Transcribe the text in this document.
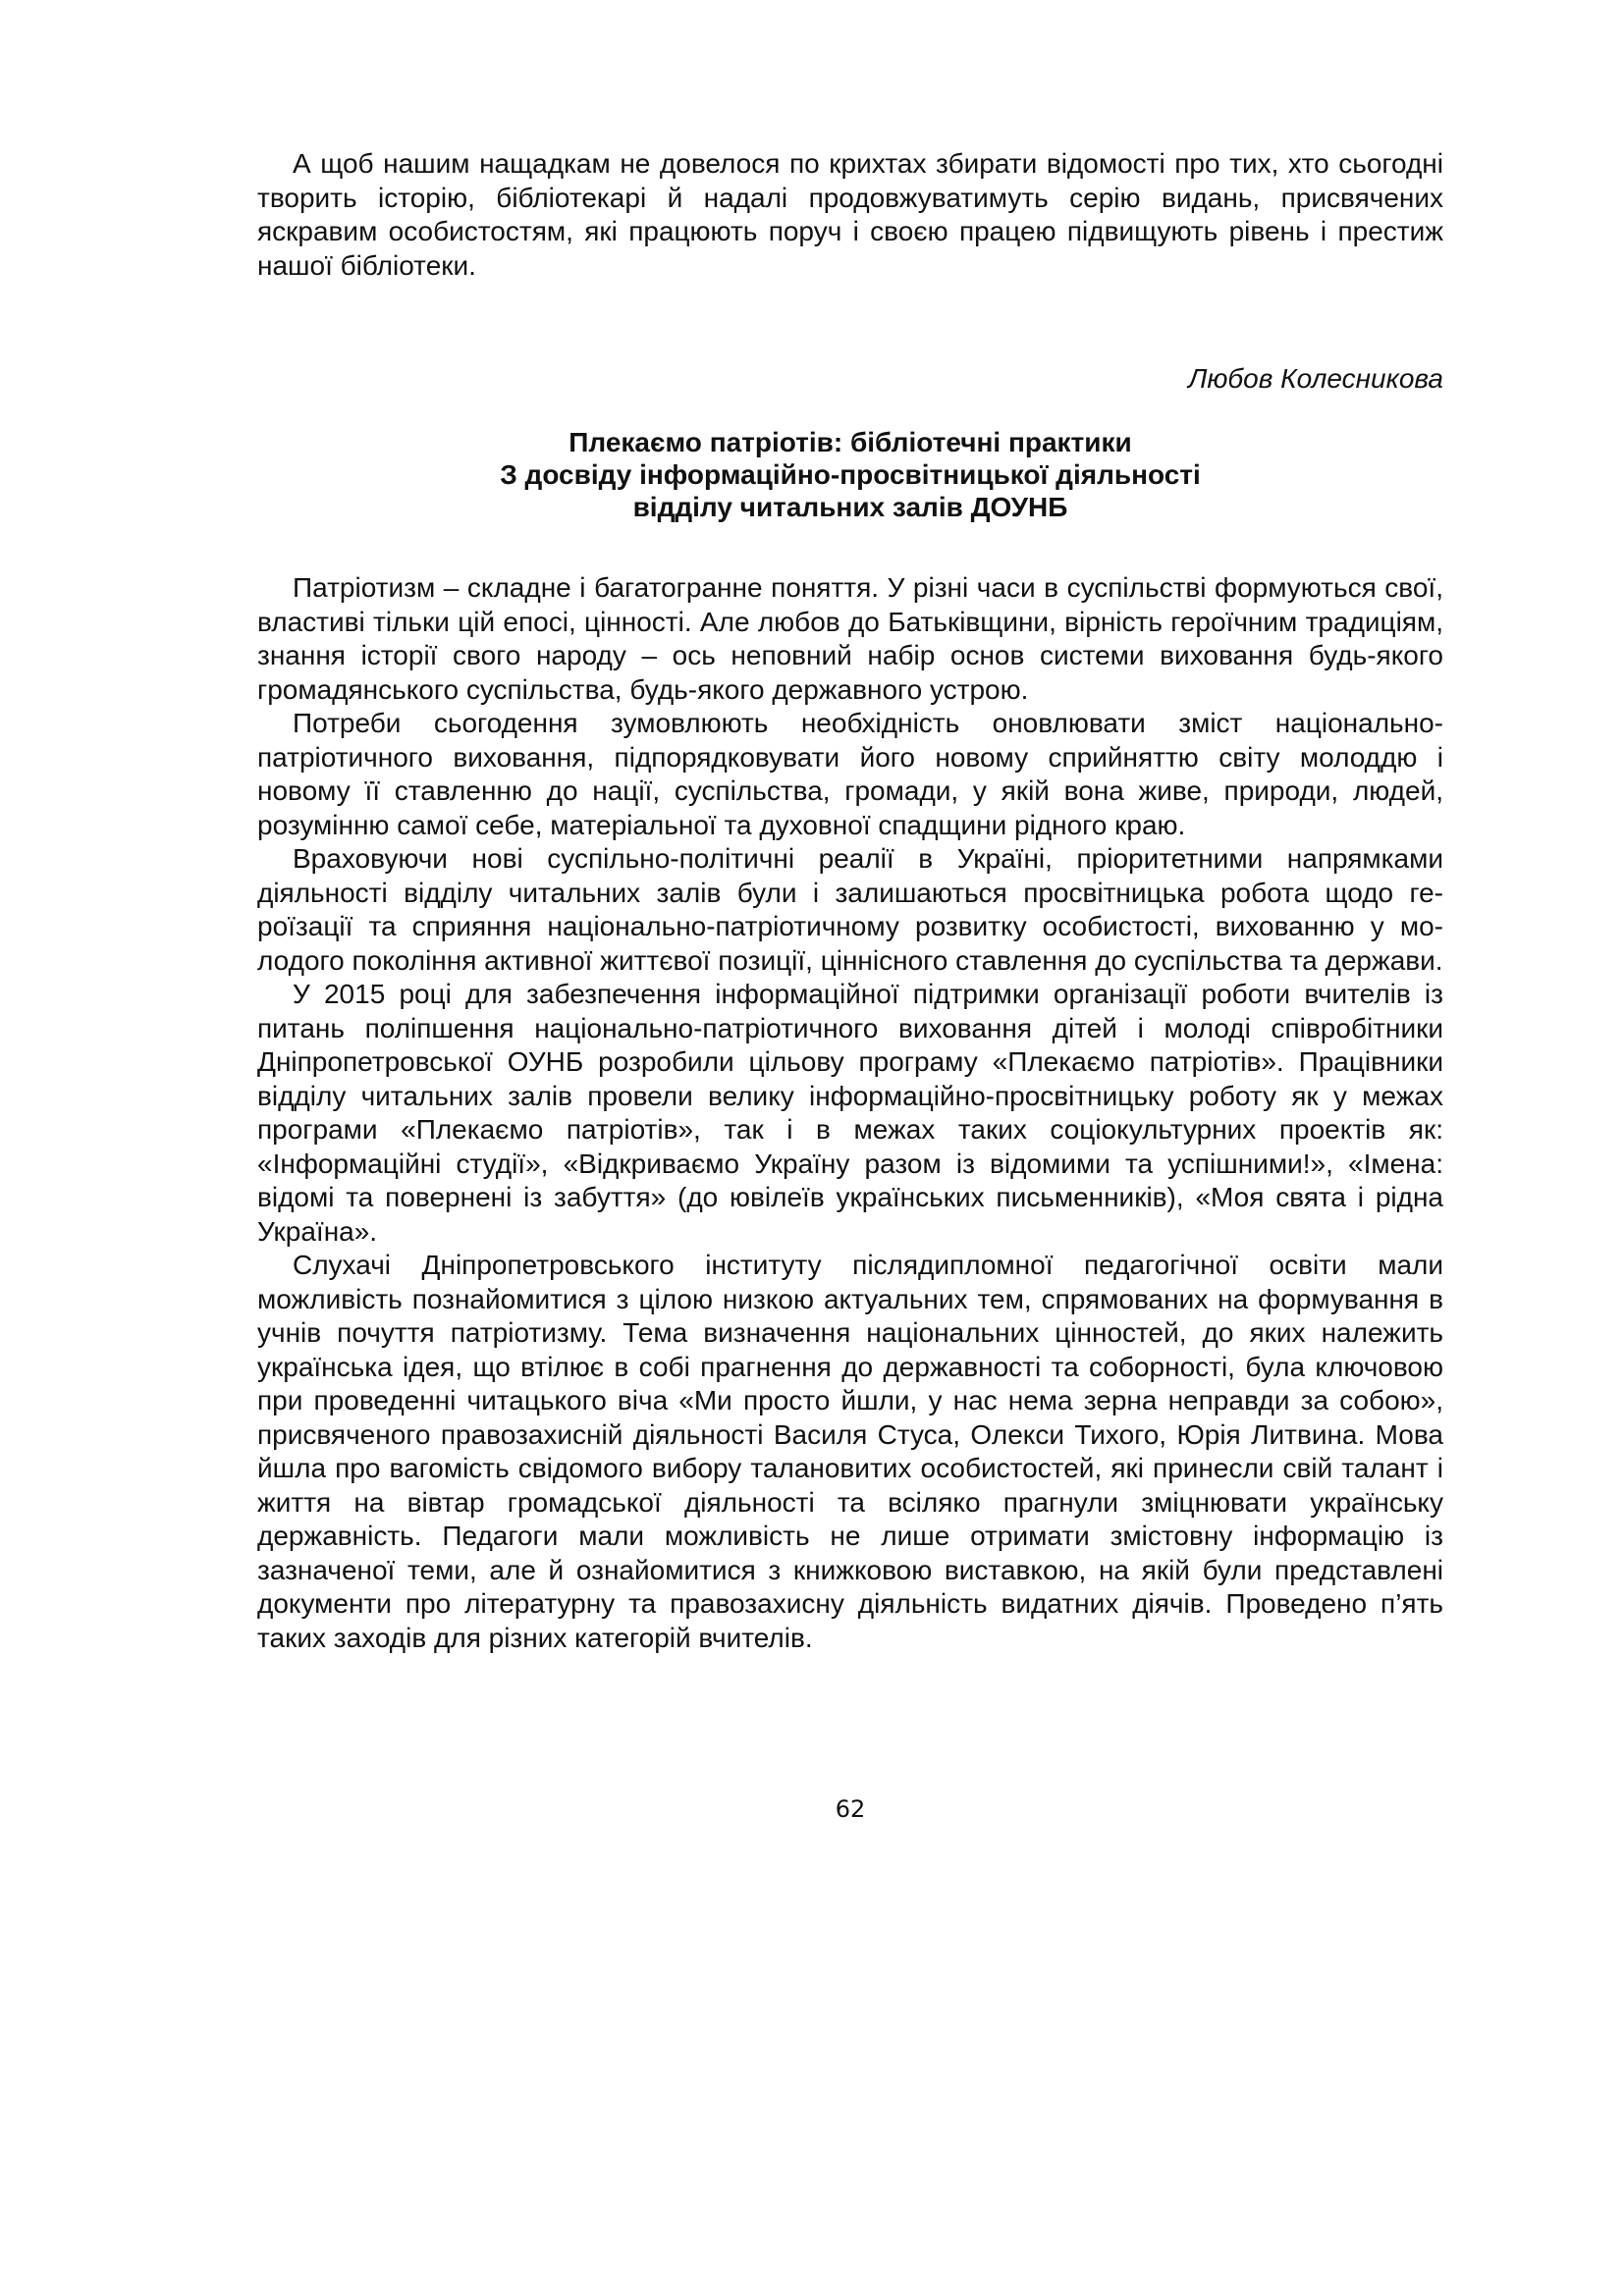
А щоб нашим нащадкам не довелося по крихтах збирати відомості про тих, хто сьогодні творить історію, бібліотекарі й надалі продовжуватимуть серію видань, присвячених яскравим особистостям, які працюють поруч і своєю працею підвищують рівень і престиж нашої бібліотеки.

Любов Колесникова

Плекаємо патріотів: бібліотечні практики
З досвіду інформаційно-просвітницької діяльності
відділу читальних залів ДОУНБ

Патріотизм – складне і багатогранне поняття. У різні часи в суспільстві формуються свої, властиві тільки цій епосі, цінності. Але любов до Батьківщини, вірність героїчним традиціям, знання історії свого народу – ось неповний набір основ системи виховання будь-якого громадянського суспільства, будь-якого державного устрою.

Потреби сьогодення зумовлюють необхідність оновлювати зміст національно-патріотичного виховання, підпорядковувати його новому сприйняттю світу молоддю і новому її ставленню до нації, суспільства, громади, у якій вона живе, природи, людей, розумінню самої себе, матеріальної та духовної спадщини рідного краю.

Враховуючи нові суспільно-політичні реалії в Україні, пріоритетними напрямками діяльності відділу читальних залів були і залишаються просвітницька робота щодо героїзації та сприяння національно-патріотичному розвитку особистості, вихованню у молодого покоління активної життєвої позиції, ціннісного ставлення до суспільства та держави.

У 2015 році для забезпечення інформаційної підтримки організації роботи вчителів із питань поліпшення національно-патріотичного виховання дітей і молоді співробітники Дніпропетровської ОУНБ розробили цільову програму «Плекаємо патріотів». Працівники відділу читальних залів провели велику інформаційно-просвітницьку роботу як у межах програми «Плекаємо патріотів», так і в межах таких соціокультурних проектів як: «Інформаційні студії», «Відкриваємо Україну разом із відомими та успішними!», «Імена: відомі та повернені із забуття» (до ювілеїв українських письменників), «Моя свята і рідна Україна».

Слухачі Дніпропетровського інституту післядипломної педагогічної освіти мали можливість познайомитися з цілою низкою актуальних тем, спрямованих на формування в учнів почуття патріотизму. Тема визначення національних цінностей, до яких належить українська ідея, що втілює в собі прагнення до державності та соборності, була ключовою при проведенні читацького віча «Ми просто йшли, у нас нема зерна неправди за собою», присвяченого правозахисній діяльності Василя Стуса, Олекси Тихого, Юрія Литвина. Мова йшла про вагомість свідомого вибору талановитих особистостей, які принесли свій талант і життя на вівтар громадської діяльності та всіляко прагнули зміцнювати українську державність. Педагоги мали можливість не лише отримати змістовну інформацію із зазначеної теми, але й ознайомитися з книжковою виставкою, на якій були представлені документи про літературну та правозахисну діяльність видатних діячів. Проведено п’ять таких заходів для різних категорій вчителів.

62
